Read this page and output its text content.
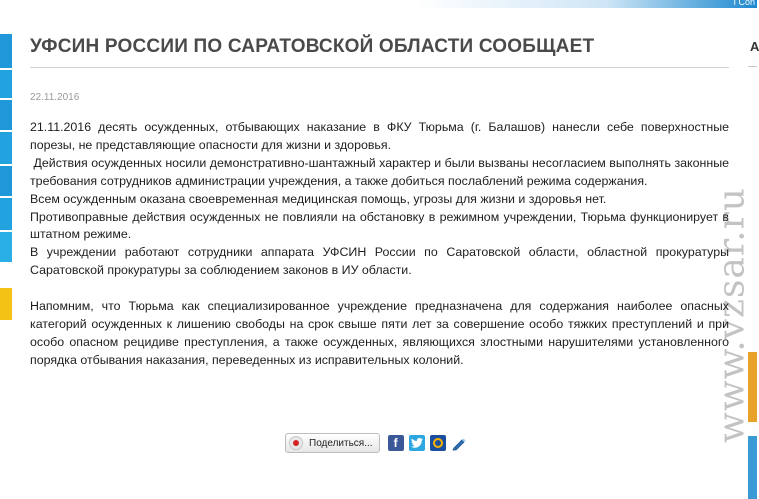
I Con
А
УФСИН РОССИИ ПО САРАТОВСКОЙ ОБЛАСТИ СООБЩАЕТ
22.11.2016

21.11.2016 десять осужденных, отбывающих наказание в ФКУ Тюрьма (г. Балашов) нанесли себе поверхностные порезы, не представляющие опасности для жизни и здоровья.

Действия осужденных носили демонстративно-шантажный характер и были вызваны несогласием выполнять законные требования сотрудников администрации учреждения, а также добиться послаблений режима содержания.

Всем осужденным оказана своевременная медицинская помощь, угрозы для жизни и здоровья нет.

Противоправные действия осужденных не повлияли на обстановку в режимном учреждении, Тюрьма функционирует в штатном режиме.

В учреждении работают сотрудники аппарата УФСИН России по Саратовской области, областной прокуратуры Саратовской прокуратуры за соблюдением законов в ИУ области.

Напомним, что Тюрьма как специализированное учреждение предназначена для содержания наиболее опасных категорий осужденных к лишению свободы на срок свыше пяти лет за совершение особо тяжких преступлений и при особо опасном рецидиве преступления, а также осужденных, являющихся злостными нарушителями установленного порядка отбывания наказания, переведенных из исправительных колоний.	www.vzsar.ru
Поделиться...	f
